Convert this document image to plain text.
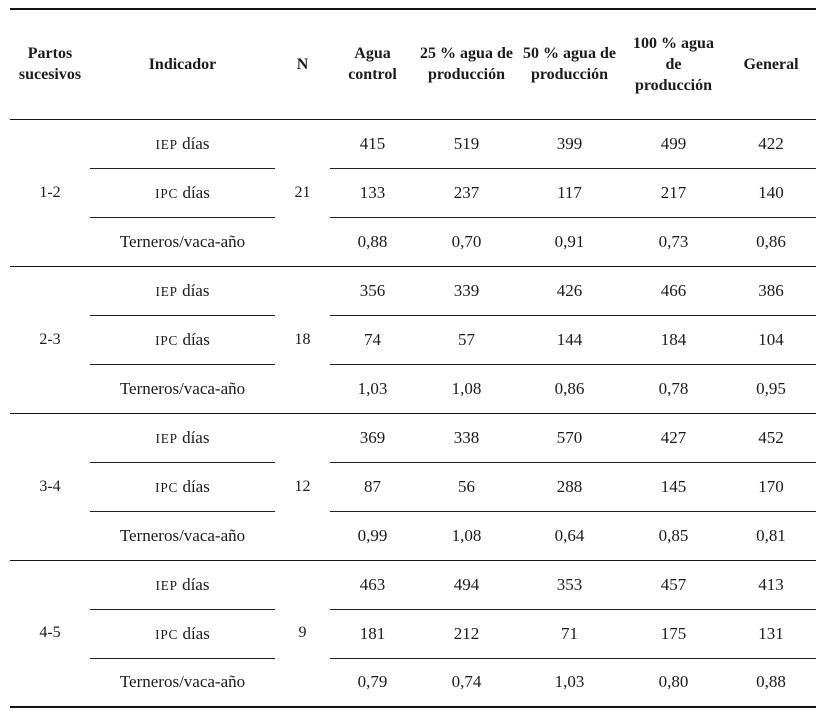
Partos sucesivos	Indicador	N	Agua control	25 % agua de producción	50 % agua de producción	100 % agua de producción	General
1-2	IEP días	21	415	519	399	499	422
	IPC días		133	237	117	217	140
	Terneros/vaca-año		0,88	0,70	0,91	0,73	0,86
2-3	IEP días	18	356	339	426	466	386
	IPC días		74	57	144	184	104
	Terneros/vaca-año		1,03	1,08	0,86	0,78	0,95
3-4	IEP días	12	369	338	570	427	452
	IPC días		87	56	288	145	170
	Terneros/vaca-año		0,99	1,08	0,64	0,85	0,81
4-5	IEP días	9	463	494	353	457	413
	IPC días		181	212	71	175	131
	Terneros/vaca-año		0,79	0,74	1,03	0,80	0,88
